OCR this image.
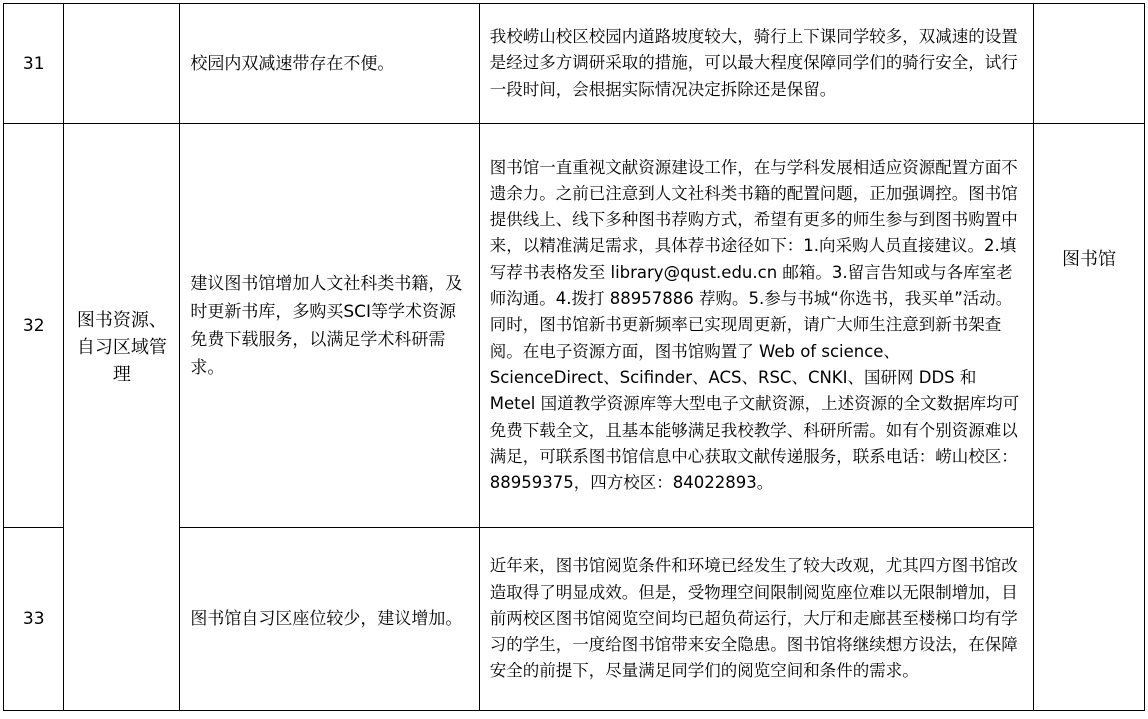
31		校园内双减速带存在不便。	我校崂山校区校园内道路坡度较大，骑行上下课同学较多，双减速的设置是经过多方调研采取的措施，可以最大程度保障同学们的骑行安全，试行一段时间，会根据实际情况决定拆除还是保留。	
32	图书资源、自习区域管理	建议图书馆增加人文社科类书籍，及时更新书库，多购买SCI等学术资源免费下载服务，以满足学术科研需求。	图书馆一直重视文献资源建设工作，在与学科发展相适应资源配置方面不遗余力。之前已注意到人文社科类书籍的配置问题，正加强调控。图书馆提供线上、线下多种图书荐购方式，希望有更多的师生参与到图书购置中来，以精准满足需求，具体荐书途径如下：1.向采购人员直接建议。2.填写荐书表格发至 library@qust.edu.cn 邮箱。3.留言告知或与各库室老师沟通。4.拨打 88957886 荐购。5.参与书城“你选书，我买单”活动。同时，图书馆新书更新频率已实现周更新，请广大师生注意到新书架查阅。在电子资源方面，图书馆购置了 Web of science、ScienceDirect、Scifinder、ACS、RSC、CNKI、国研网 DDS 和 Metel 国道教学资源库等大型电子文献资源，上述资源的全文数据库均可免费下载全文，且基本能够满足我校教学、科研所需。如有个别资源难以满足，可联系图书馆信息中心获取文献传递服务，联系电话：崂山校区：88959375，四方校区：84022893。	图书馆

33		图书馆自习区座位较少，建议增加。	近年来，图书馆阅览条件和环境已经发生了较大改观，尤其四方图书馆改造取得了明显成效。但是，受物理空间限制阅览座位难以无限制增加，目前两校区图书馆阅览空间均已超负荷运行，大厅和走廊甚至楼梯口均有学习的学生，一度给图书馆带来安全隐患。图书馆将继续想方设法，在保障安全的前提下，尽量满足同学们的阅览空间和条件的需求。	
